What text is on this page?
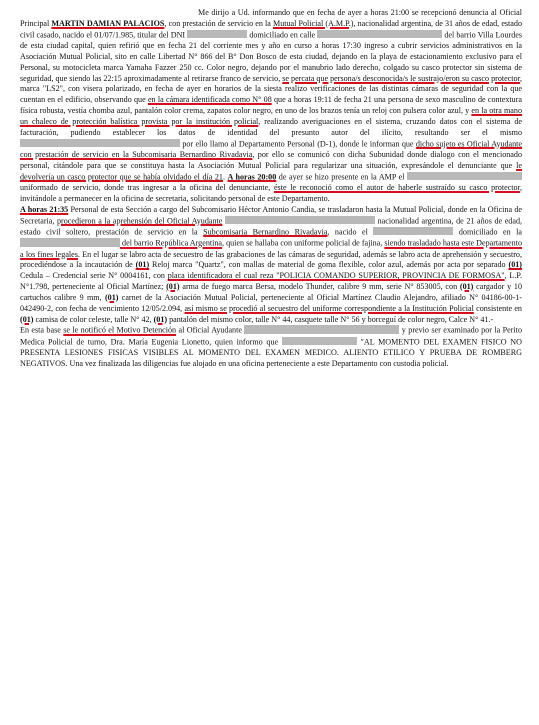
Me dirijo a Ud. informando que en fecha de ayer a horas 21:00 se recepcionó denuncia al Oficial Principal MARTIN DAMIAN PALACIOS, con prestación de servicio en la Mutual Policial (A.M.P.), nacionalidad argentina, de 31 años de edad, estado civil casado, nacido el 01/07/1.985, titular del DNI	domiciliado en calle	del barrio Villa Lourdes de esta ciudad capital, quien refirió que en fecha 21 del corriente mes y año en curso a horas 17:30 ingreso a cubrir servicios administrativos en la Asociación Mutual Policial, sito en calle Libertad N° 866 del B° Don Bosco de esta ciudad, dejando en la playa de estacionamiento exclusivo para el Personal, su motocicleta marca Yamaha Fazzer 250 cc. Color negro, dejando por el manubrio lado derecho, colgado su casco protector sin sistema de seguridad, que siendo las 22:15 aproximadamente al retirarse franco de servicio, se percata que persona/s desconocida/s le sustrajo/eron su casco protector, marca "LS2", con visera polarizado, en fecha de ayer en horarios de la siesta realizo verificaciones de las distintas cámaras de seguridad con la que cuentan en el edificio, observando que en la cámara identificada como N° 08 que a horas 19:11 de fecha 21 una persona de sexo masculino de contextura física robusta, vestía chomba azul, pantalón color crema, zapatos color negro, en uno de los brazos tenía un reloj con pulsera color azul, y en la otra mano un chaleco de protección balística provista por la institución policial, realizando averiguaciones en el sistema, cruzando datos con el sistema de facturación, pudiendo establecer los datos de identidad del presunto autor del ilícito, resultando ser el mismo  por ello llamo al Departamento Personal (D-1), donde le informan que dicho sujeto es Oficial Ayudante con prestación de servicio en la Subcomisaria Bernardino Rivadavia, por ello se comunicó con dicha Subunidad donde dialogo con el mencionado personal, citándole para que se constituya hasta la Asociación Mutual Policial para regularizar una situación, expresándole el denunciante que le devolvería un casco protector que se había olvidado el día 21. A horas 20:00 de ayer se hizo presente en la AMP el  uniformado de servicio, donde tras ingresar a la oficina del denunciante, éste le reconoció como el autor de haberle sustraído su casco protector, invitándole a permanecer en la oficina de secretaria, solicitando personal de este Departamento.

A horas 21:35 Personal de esta Sección a cargo del Subcomisario Héctor Antonio Candia, se trasladaron hasta la Mutual Policial, donde en la Oficina de Secretaria, procedieron a la aprehensión del Oficial Ayudante	nacionalidad argentina, de 21 años de edad, estado civil soltero, prestación de servicio en la Subcomisaria Bernardino Rivadavia, nacido el	domiciliado en la  del barrio República Argentina, quien se hallaba con uniforme policial de fajina, siendo trasladado hasta este Departamento a los fines legales. En el lugar se labro acta de secuestro de las grabaciones de las cámaras de seguridad, además se labro acta de aprehensión y secuestro, procediéndose a la incautación de (01) Reloj marca "Quartz", con mallas de material de goma flexible, color azul, además por acta por separado (01) Cedula – Credencial serie N° 0004161, con placa identificadora el cual reza "POLICIA COMANDO SUPERIOR, PROVINCIA DE FORMOSA", L.P. N°1.798, perteneciente al Oficial Martínez; (01) arma de fuego marca Bersa, modelo Thunder, calibre 9 mm, serie N° 853005, con (01) cargador y 10 cartuchos calibre 9 mm, (01) carnet de la Asociación Mutual Policial, perteneciente al Oficial Martínez Claudio Alejandro, afiliado N° 04186-00-1-042490-2, con fecha de vencimiento 12/05/2.094, así mismo se procedió al secuestro del uniforme correspondiente a la Institución Policial consistente en (01) camisa de color celeste, talle N° 42, (01) pantalón del mismo color, talle N° 44, casquete talle N° 56 y borceguí de color negro, Calce N° 41.-

En esta base se le notificó el Motivo Detención al Oficial Ayudante	y previo ser examinado por la Perito Medica Policial de turno, Dra. María Eugenia Lionetto, quien informo que	"AL MOMENTO DEL EXAMEN FISICO NO PRESENTA LESIONES FISICAS VISIBLES AL MOMENTO DEL EXAMEN MEDICO. ALIENTO ETILICO Y PRUEBA DE ROMBERG NEGATIVOS. Una vez finalizada las diligencias fue alojado en una oficina perteneciente a este Departamento con custodia policial.
